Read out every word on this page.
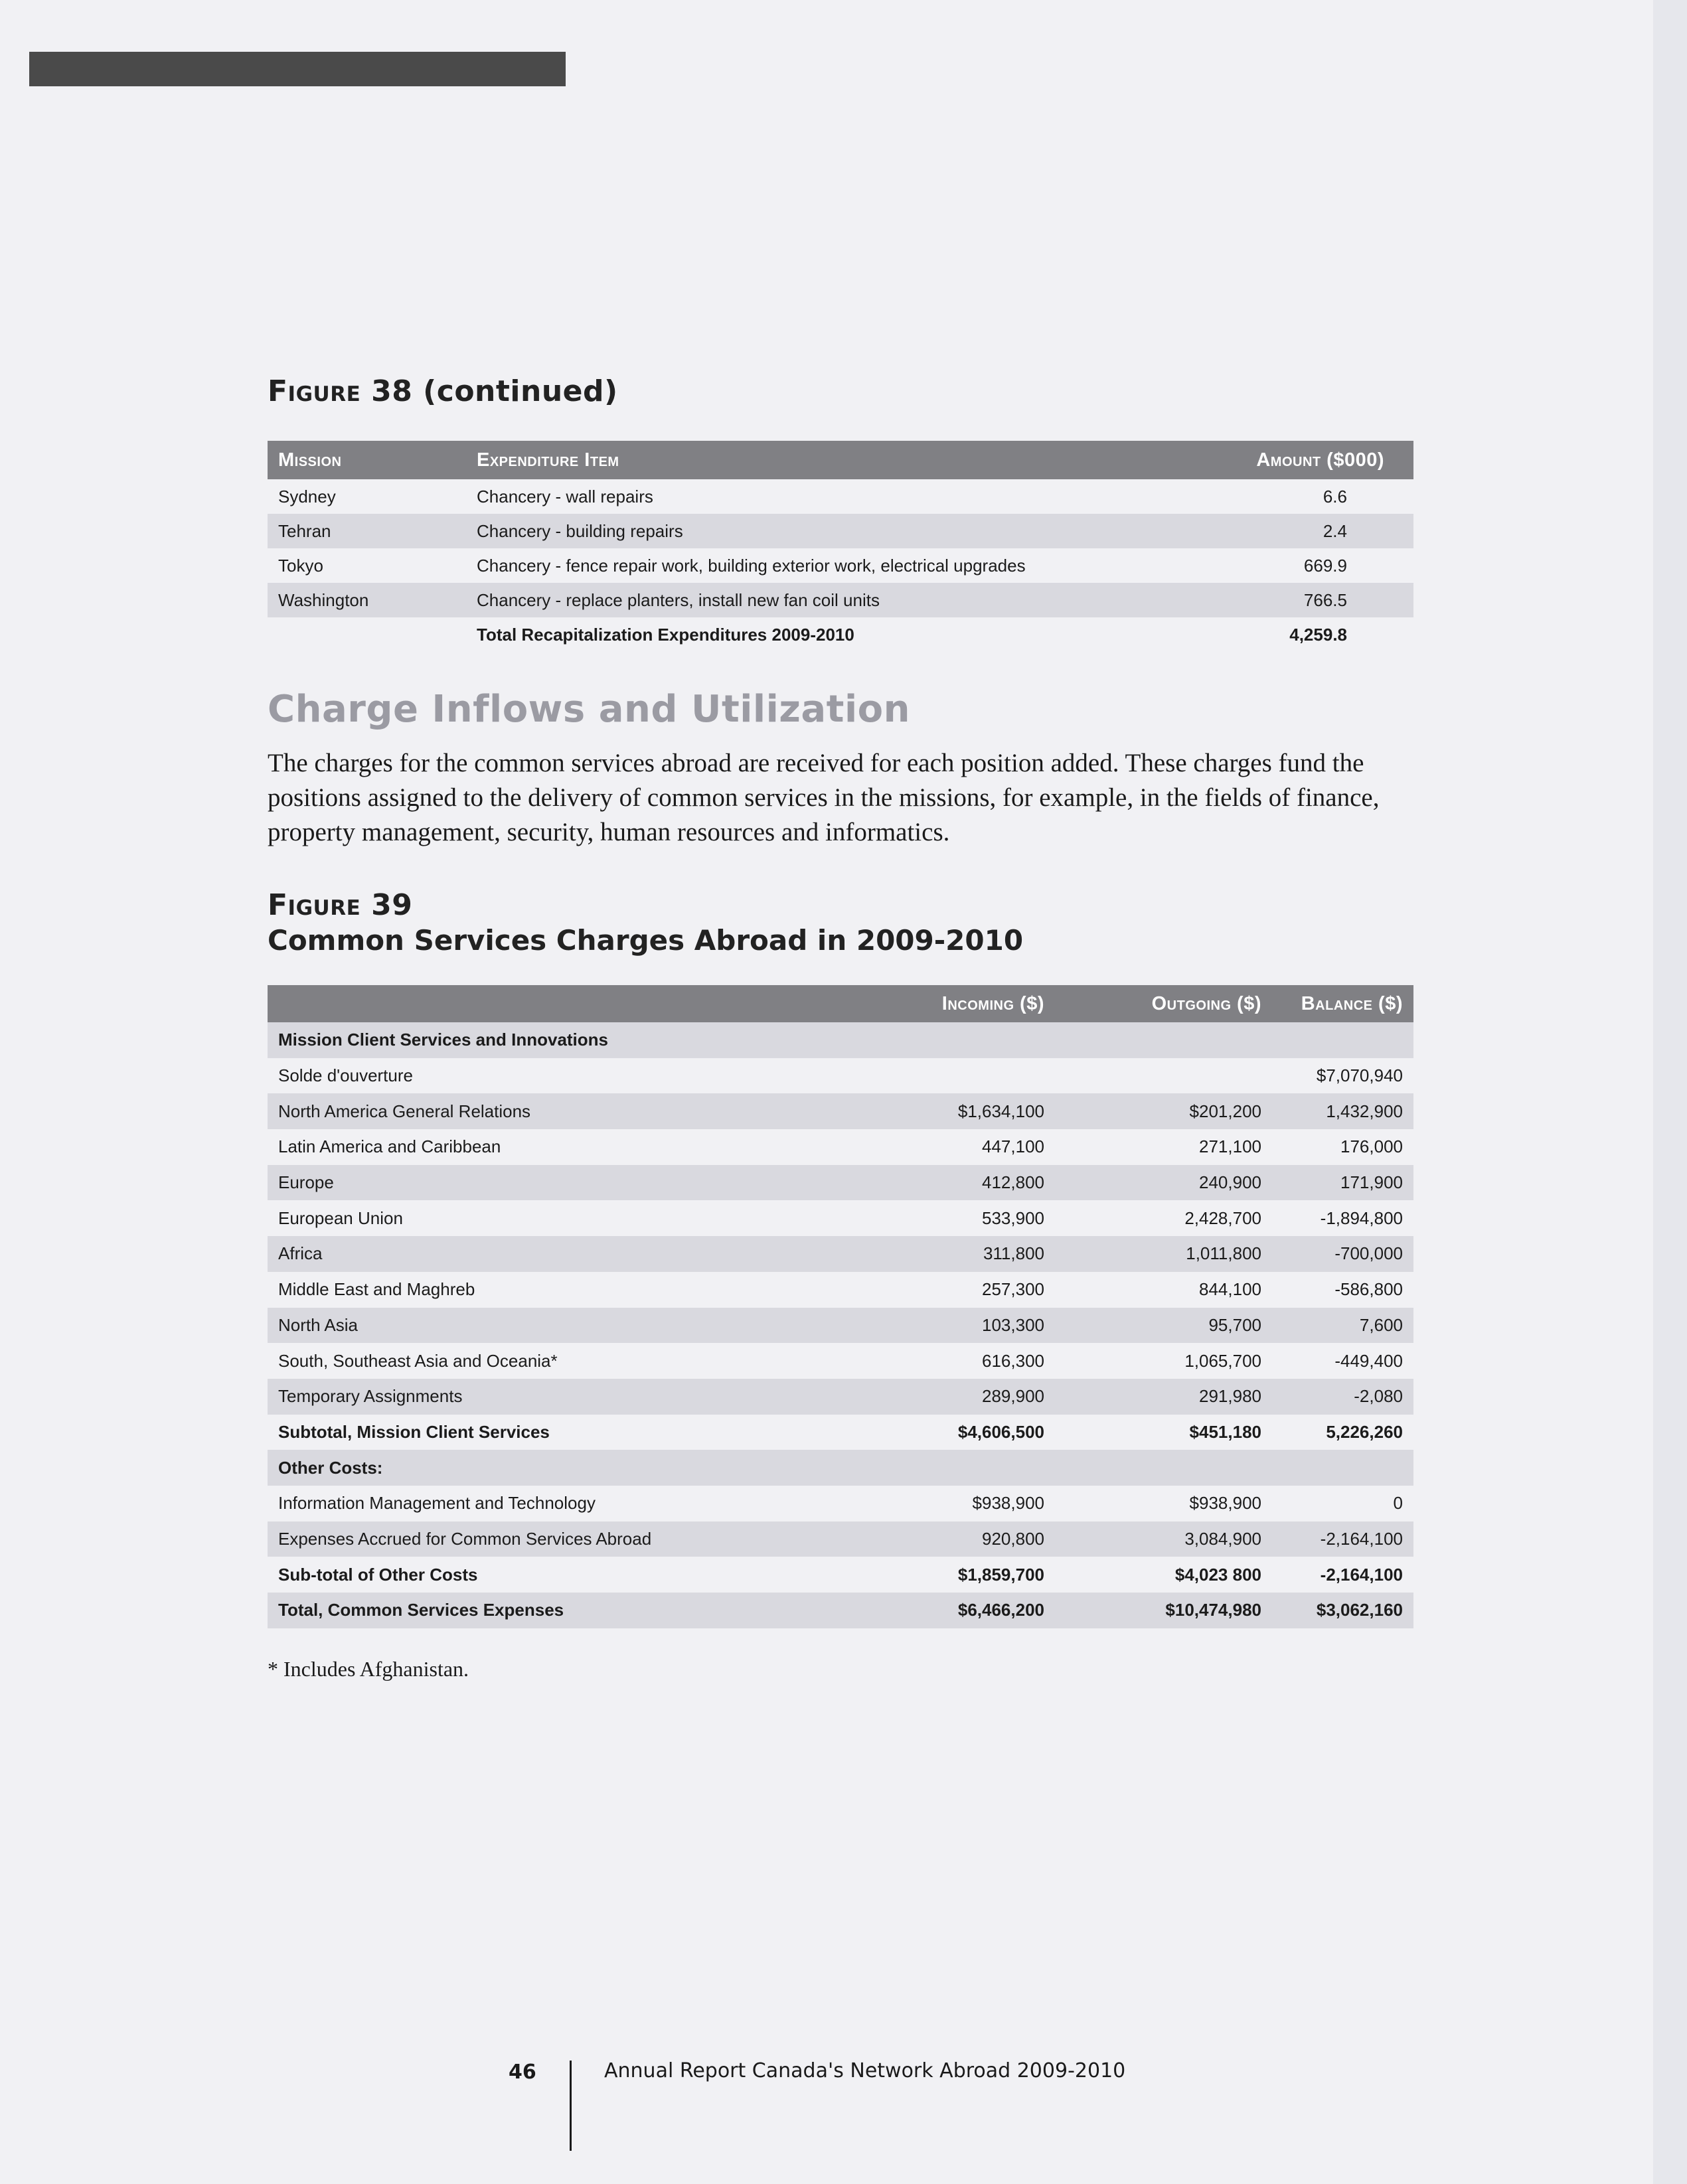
Figure 38 (continued)
Mission	Expenditure Item	Amount ($000)
Sydney	Chancery - wall repairs	6.6
Tehran	Chancery - building repairs	2.4
Tokyo	Chancery - fence repair work, building exterior work, electrical upgrades	669.9
Washington	Chancery - replace planters, install new fan coil units	766.5
	Total Recapitalization Expenditures 2009-2010	4,259.8
Charge Inflows and Utilization
The charges for the common services abroad are received for each position added. These charges fund the positions assigned to the delivery of common services in the missions, for example, in the fields of finance, property management, security, human resources and informatics.
Figure 39
Common Services Charges Abroad in 2009-2010
	Incoming ($)	Outgoing ($)	Balance ($)
Mission Client Services and Innovations			
Solde d'ouverture			$7,070,940
North America General Relations	$1,634,100	$201,200	1,432,900
Latin America and Caribbean	447,100	271,100	176,000
Europe	412,800	240,900	171,900
European Union	533,900	2,428,700	-1,894,800
Africa	311,800	1,011,800	-700,000
Middle East and Maghreb	257,300	844,100	-586,800
North Asia	103,300	95,700	7,600
South, Southeast Asia and Oceania*	616,300	1,065,700	-449,400
Temporary Assignments	289,900	291,980	-2,080
Subtotal, Mission Client Services	$4,606,500	$451,180	5,226,260
Other Costs:			
Information Management and Technology	$938,900	$938,900	0
Expenses Accrued for Common Services Abroad	920,800	3,084,900	-2,164,100
Sub-total of Other Costs	$1,859,700	$4,023 800	-2,164,100
Total, Common Services Expenses	$6,466,200	$10,474,980	$3,062,160
* Includes Afghanistan.
46	Annual Report Canada's Network Abroad 2009-2010
